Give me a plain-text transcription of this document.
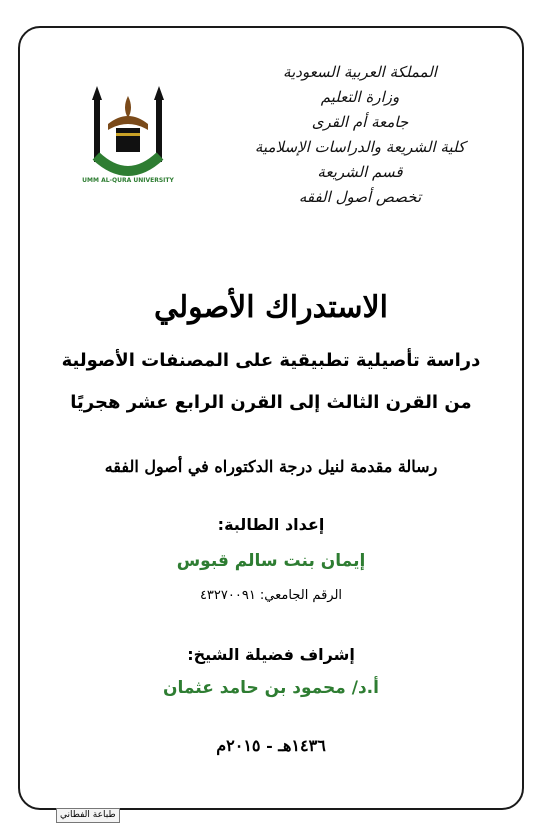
المملكة العربية السعودية
وزارة التعليم
جامعة أم القرى
كلية الشريعة والدراسات الإسلامية
قسم الشريعة
تخصص أصول الفقه
UMM AL-QURA UNIVERSITY
الاستدراك الأصولي
دراسة تأصيلية تطبيقية على المصنفات الأصولية
من القرن الثالث إلى القرن الرابع عشر هجريًا
رسالة مقدمة لنيل درجة الدكتوراه في أصول الفقه
إعداد الطالبة:
إيمان بنت سالم قبوس
الرقم الجامعي: ٤٣٢٧٠٠٩١
إشراف فضيلة الشيخ:
أ.د/ محمود بن حامد عثمان
١٤٣٦هـ - ٢٠١٥م
طباعة الفطاني
